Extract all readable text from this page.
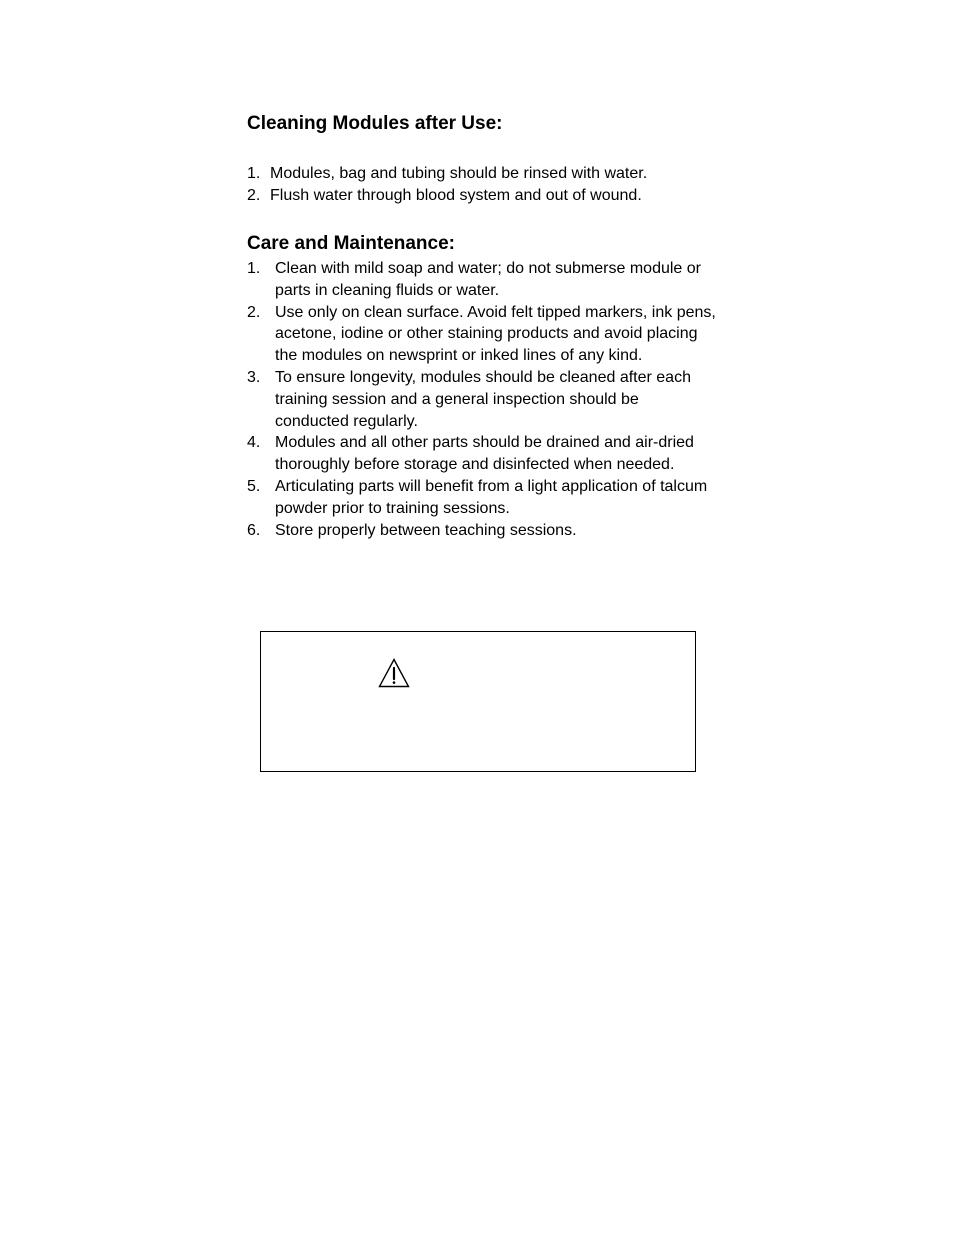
Cleaning Modules after Use:
1. Modules, bag and tubing should be rinsed with water.
2. Flush water through blood system and out of wound.
Care and Maintenance:
1. Clean with mild soap and water; do not submerse module or parts in cleaning fluids or water.
2. Use only on clean surface. Avoid felt tipped markers, ink pens, acetone, iodine or other staining products and avoid placing the modules on newsprint or inked lines of any kind.
3. To ensure longevity, modules should be cleaned after each training session and a general inspection should be conducted regularly.
4. Modules and all other parts should be drained and air-dried thoroughly before storage and disinfected when needed.
5. Articulating parts will benefit from a light application of talcum powder prior to training sessions.
6. Store properly between teaching sessions.
